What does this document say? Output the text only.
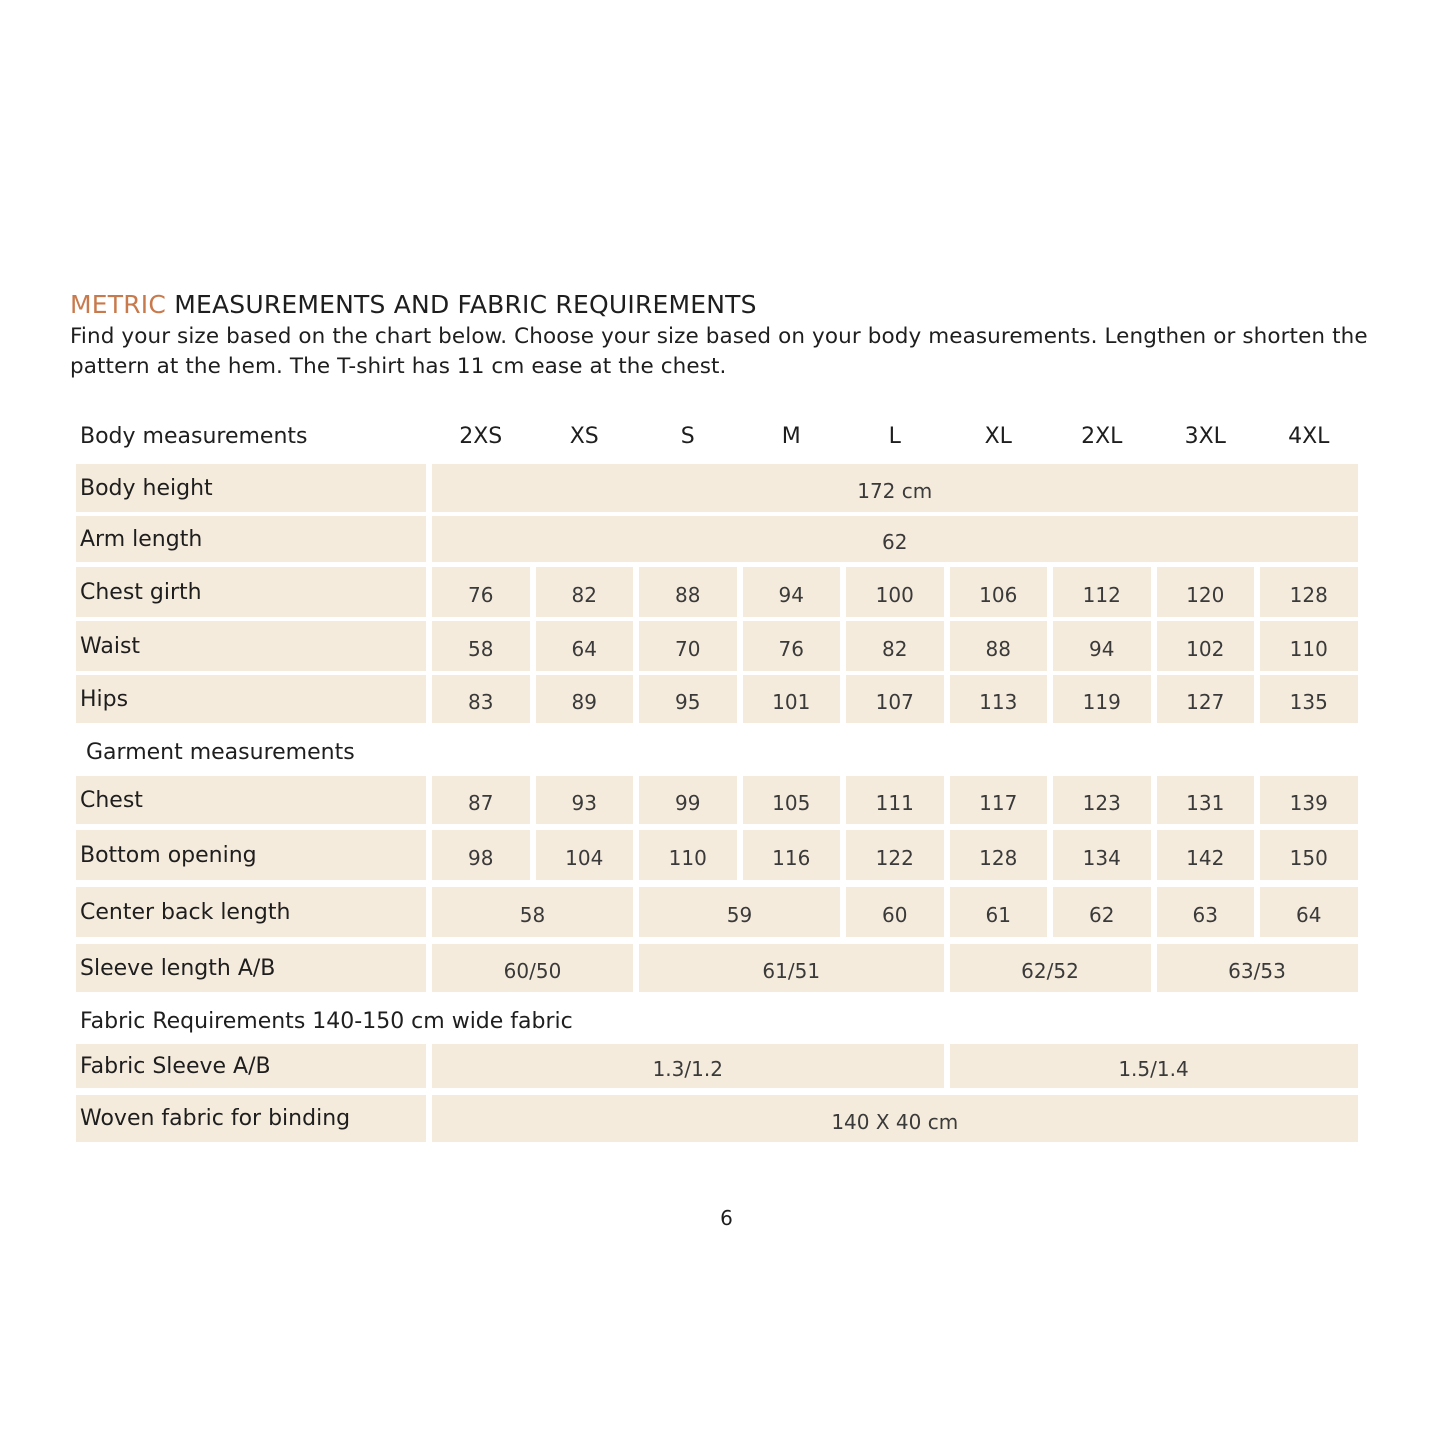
METRIC MEASUREMENTS AND FABRIC REQUIREMENTS

Find your size based on the chart below. Choose your size based on your body measurements. Lengthen or shorten the pattern at the hem. The T-shirt has 11 cm ease at the chest.

Body measurements	2XS	XS	S	M	L	XL	2XL	3XL	4XL
Body height	172 cm
Arm length	62
Chest girth	76	82	88	94	100	106	112	120	128
Waist	58	64	70	76	82	88	94	102	110
Hips	83	89	95	101	107	113	119	127	135
Garment measurements
Chest	87	93	99	105	111	117	123	131	139
Bottom opening	98	104	110	116	122	128	134	142	150
Center back length	58	59	60	61	62	63	64
Sleeve length A/B	60/50	61/51	62/52	63/53
Fabric Requirements 140-150 cm wide fabric
Fabric Sleeve A/B	1.3/1.2	1.5/1.4
Woven fabric for binding	140 X 40 cm
6
